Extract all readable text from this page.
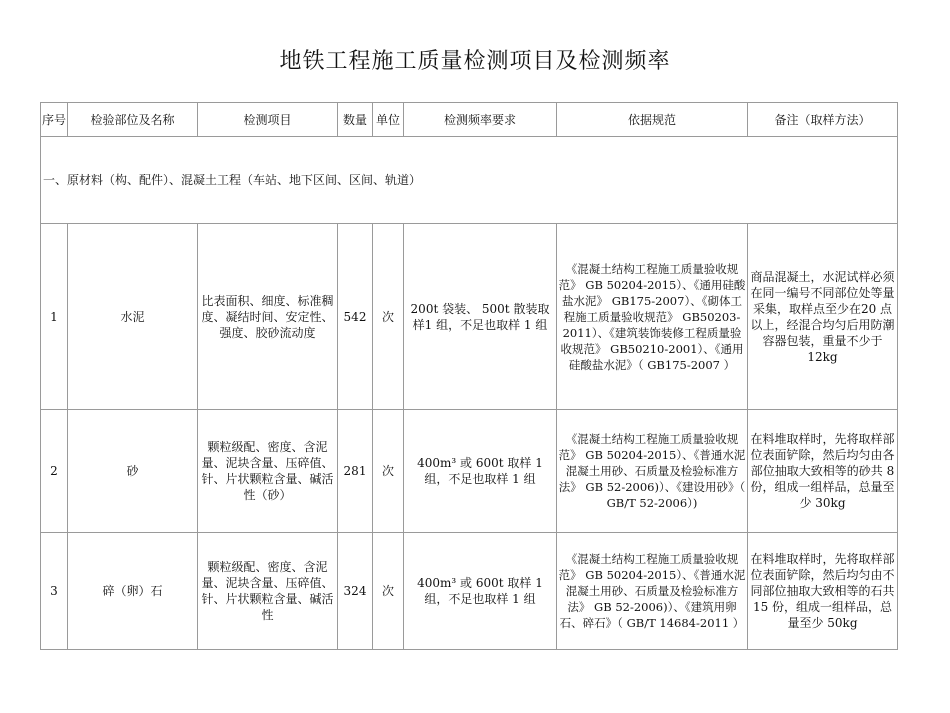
地铁工程施工质量检测项目及检测频率
序号	检验部位及名称	检测项目	数量	单位	检测频率要求	依据规范	备注（取样方法）
一、原材料（构、配件）、混凝土工程（车站、地下区间、区间、轨道）							
1	水泥	比表面积、细度、标准稠度、凝结时间、安定性、强度、胶砂流动度	542	次	200t 袋装、 500t 散装取样1 组，不足也取样 1 组	《混凝土结构工程施工质量验收规范》 GB 50204-2015）、《通用硅酸盐水泥》 GB175-2007）、《砌体工程施工质量验收规范》 GB50203-2011）、《建筑装饰装修工程质量验收规范》 GB50210-2001）、《通用硅酸盐水泥》（ GB175-2007 ）	商品混凝土，水泥试样必须在同一编号不同部位处等量采集，取样点至少在20 点以上，经混合均匀后用防潮容器包装，重量不少于 12kg
2	砂	颗粒级配、密度、含泥量、泥块含量、压碎值、针、片状颗粒含量、碱活性（砂）	281	次	400m³ 或 600t 取样 1 组，不足也取样 1 组	《混凝土结构工程施工质量验收规范》 GB 50204-2015）、《普通水泥混凝土用砂、石质量及检验标准方法》 GB 52-2006)）、《建设用砂》（ GB/T 52-2006）)	在料堆取样时，先将取样部位表面铲除，然后均匀由各部位抽取大致相等的砂共 8 份，组成一组样品，总量至少 30kg
3	碎（卵）石	颗粒级配、密度、含泥量、泥块含量、压碎值、针、片状颗粒含量、碱活性	324	次	400m³ 或 600t 取样 1 组，不足也取样 1 组	《混凝土结构工程施工质量验收规范》 GB 50204-2015）、《普通水泥混凝土用砂、石质量及检验标准方法》 GB 52-2006)）、《建筑用卵石、碎石》（ GB/T 14684-2011 ）	在料堆取样时，先将取样部位表面铲除，然后均匀由不同部位抽取大致相等的石共 15 份，组成一组样品，总量至少 50kg
